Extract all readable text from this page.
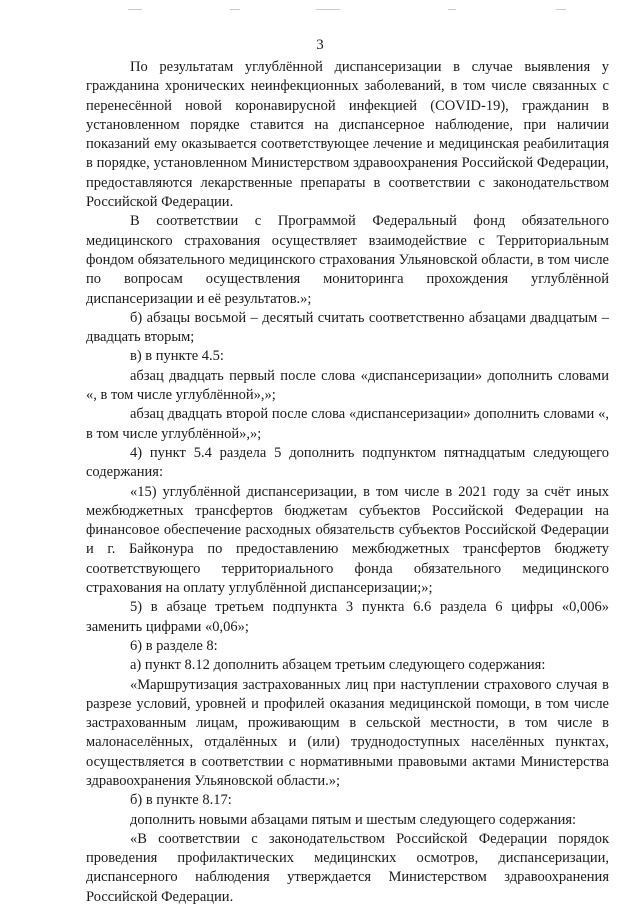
3

По результатам углублённой диспансеризации в случае выявления у гражданина хронических неинфекционных заболеваний, в том числе связанных с перенесённой новой коронавирусной инфекцией (COVID-19), гражданин в установленном порядке ставится на диспансерное наблюдение, при наличии показаний ему оказывается соответствующее лечение и медицинская реабилитация в порядке, установленном Министерством здравоохранения Российской Федерации, предоставляются лекарственные препараты в соответствии с законодательством Российской Федерации.

В соответствии с Программой Федеральный фонд обязательного медицинского страхования осуществляет взаимодействие с Территориальным фондом обязательного медицинского страхования Ульяновской области, в том числе по вопросам осуществления мониторинга прохождения углублённой диспансеризации и её результатов.»;

б) абзацы восьмой – десятый считать соответственно абзацами двадцатым – двадцать вторым;

в) в пункте 4.5:

абзац двадцать первый после слова «диспансеризации» дополнить словами «, в том числе углублённой»,»;

абзац двадцать второй после слова «диспансеризации» дополнить словами «, в том числе углублённой»,»;

4) пункт 5.4 раздела 5 дополнить подпунктом пятнадцатым следующего содержания:

«15) углублённой диспансеризации, в том числе в 2021 году за счёт иных межбюджетных трансфертов бюджетам субъектов Российской Федерации на финансовое обеспечение расходных обязательств субъектов Российской Федерации и г. Байконура по предоставлению межбюджетных трансфертов бюджету соответствующего территориального фонда обязательного медицинского страхования на оплату углублённой диспансеризации;»;

5) в абзаце третьем подпункта 3 пункта 6.6 раздела 6 цифры «0,006» заменить цифрами «0,06»;

6) в разделе 8:

а) пункт 8.12 дополнить абзацем третьим следующего содержания:

«Маршрутизация застрахованных лиц при наступлении страхового случая в разрезе условий, уровней и профилей оказания медицинской помощи, в том числе застрахованным лицам, проживающим в сельской местности, в том числе в малонаселённых, отдалённых и (или) труднодоступных населённых пунктах, осуществляется в соответствии с нормативными правовыми актами Министерства здравоохранения Ульяновской области.»;

б) в пункте 8.17:

дополнить новыми абзацами пятым и шестым следующего содержания:

«В соответствии с законодательством Российской Федерации порядок проведения профилактических медицинских осмотров, диспансеризации, диспансерного наблюдения утверждается Министерством здравоохранения Российской Федерации.
